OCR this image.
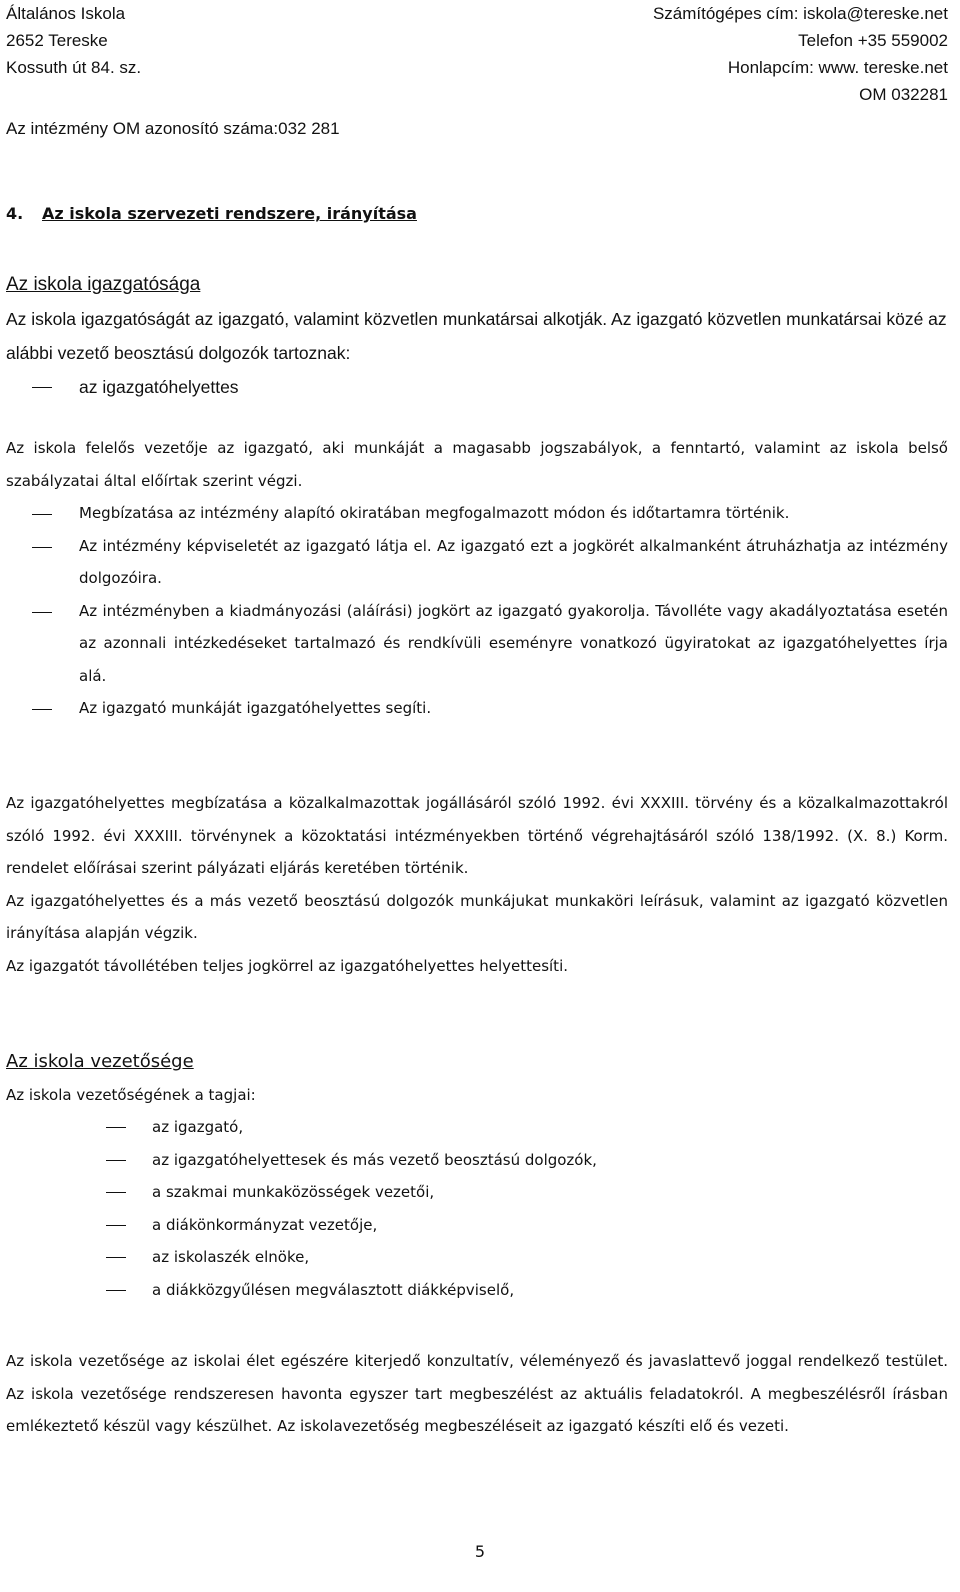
Általános Iskola
2652 Tereske
Kossuth út 84. sz.
Számítógépes cím: iskola@tereske.net
Telefon +35 559002
Honlapcím: www. tereske.net
OM 032281

Az intézmény OM azonosító száma:032 281

4. Az iskola szervezeti rendszere, irányítása

Az iskola igazgatósága

Az iskola igazgatóságát az igazgató, valamint közvetlen munkatársai alkotják. Az igazgató közvetlen munkatársai közé az alábbi vezető beosztású dolgozók tartoznak:

az igazgatóhelyettes

Az iskola felelős vezetője az igazgató, aki munkáját a magasabb jogszabályok, a fenntartó, valamint az iskola belső szabályzatai által előírtak szerint végzi.

Megbízatása az intézmény alapító okiratában megfogalmazott módon és időtartamra történik.

Az intézmény képviseletét az igazgató látja el. Az igazgató ezt a jogkörét alkalmanként átruházhatja az intézmény dolgozóira.

Az intézményben a kiadmányozási (aláírási) jogkört az igazgató gyakorolja. Távolléte vagy akadályoztatása esetén az azonnali intézkedéseket tartalmazó és rendkívüli eseményre vonatkozó ügyiratokat az igazgatóhelyettes írja alá.

Az igazgató munkáját igazgatóhelyettes segíti.

Az igazgatóhelyettes megbízatása a közalkalmazottak jogállásáról szóló 1992. évi XXXIII. törvény és a közalkalmazottakról szóló 1992. évi XXXIII. törvénynek a közoktatási intézményekben történő végrehajtásáról szóló 138/1992. (X. 8.) Korm. rendelet előírásai szerint pályázati eljárás keretében történik.

Az igazgatóhelyettes és a más vezető beosztású dolgozók munkájukat munkaköri leírásuk, valamint az igazgató közvetlen irányítása alapján végzik.

Az igazgatót távollétében teljes jogkörrel az igazgatóhelyettes helyettesíti.

Az iskola vezetősége

Az iskola vezetőségének a tagjai:

az igazgató,

az igazgatóhelyettesek és más vezető beosztású dolgozók,

a szakmai munkaközösségek vezetői,

a diákönkormányzat vezetője,

az iskolaszék elnöke,

a diákközgyűlésen megválasztott diákképviselő,

Az iskola vezetősége az iskolai élet egészére kiterjedő konzultatív, véleményező és javaslattevő joggal rendelkező testület. Az iskola vezetősége rendszeresen havonta egyszer tart megbeszélést az aktuális feladatokról. A megbeszélésről írásban emlékeztető készül vagy készülhet. Az iskolavezetőség megbeszéléseit az igazgató készíti elő és vezeti.

5
